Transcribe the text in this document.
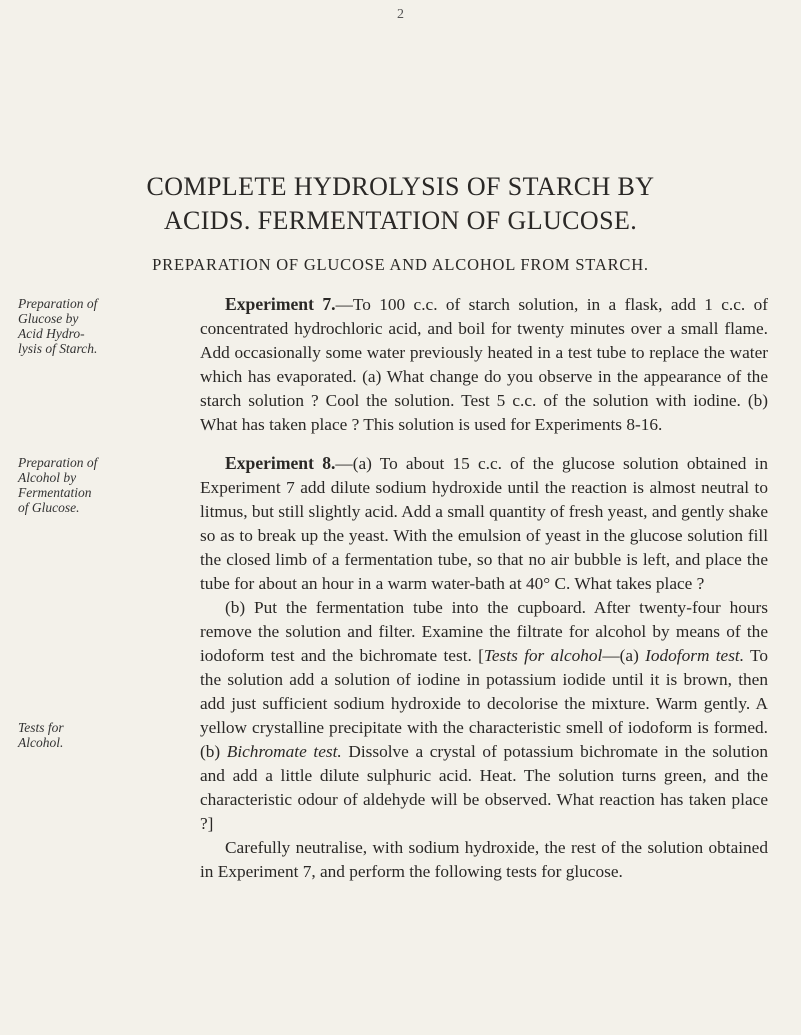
2
COMPLETE HYDROLYSIS OF STARCH BY
ACIDS. FERMENTATION OF GLUCOSE.
PREPARATION OF GLUCOSE AND ALCOHOL FROM STARCH.
Preparation of
Glucose by
Acid Hydro-
lysis of Starch.
Preparation of
Alcohol by
Fermentation
of Glucose.
Tests for
Alcohol.

Experiment 7.—To 100 c.c. of starch solution, in a flask, add 1 c.c. of concentrated hydrochloric acid, and boil for twenty minutes over a small flame. Add occasionally some water previously heated in a test tube to replace the water which has evaporated. (a) What change do you observe in the appearance of the starch solution ? Cool the solution. Test 5 c.c. of the solution with iodine. (b) What has taken place ? This solution is used for Experiments 8-16.

Experiment 8.—(a) To about 15 c.c. of the glucose solution obtained in Experiment 7 add dilute sodium hydroxide until the reaction is almost neutral to litmus, but still slightly acid. Add a small quantity of fresh yeast, and gently shake so as to break up the yeast. With the emulsion of yeast in the glucose solution fill the closed limb of a fermentation tube, so that no air bubble is left, and place the tube for about an hour in a warm water-bath at 40° C. What takes place ?

(b) Put the fermentation tube into the cupboard. After twenty-four hours remove the solution and filter. Examine the filtrate for alcohol by means of the iodoform test and the bichromate test. [Tests for alcohol—(a) Iodoform test. To the solution add a solution of iodine in potassium iodide until it is brown, then add just sufficient sodium hydroxide to decolorise the mixture. Warm gently. A yellow crystalline precipitate with the characteristic smell of iodoform is formed. (b) Bichromate test. Dissolve a crystal of potassium bichromate in the solution and add a little dilute sulphuric acid. Heat. The solution turns green, and the characteristic odour of aldehyde will be observed. What reaction has taken place ?]

Carefully neutralise, with sodium hydroxide, the rest of the solution obtained in Experiment 7, and perform the following tests for glucose.
